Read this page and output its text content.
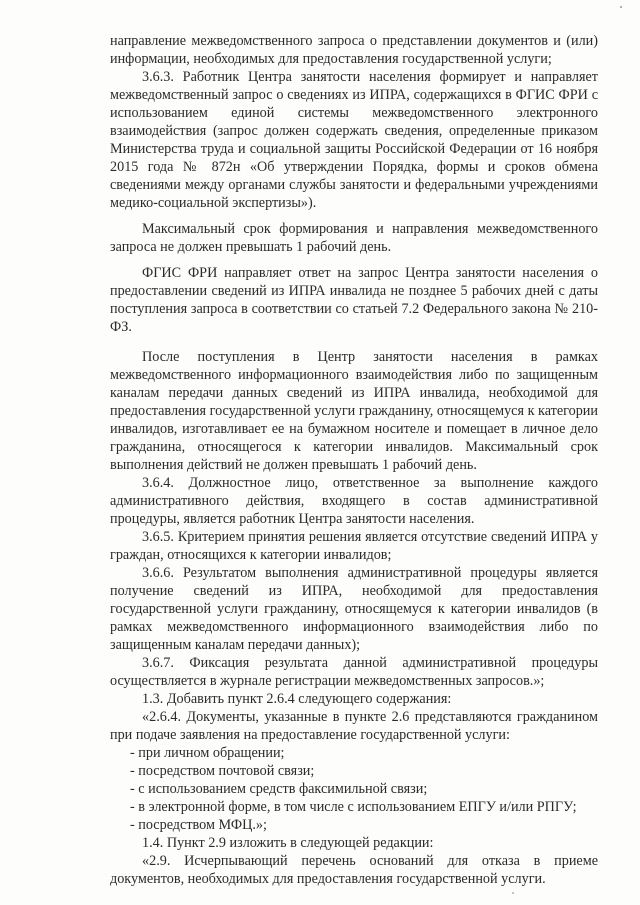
направление межведомственного запроса о представлении документов и (или) информации, необходимых для предоставления государственной услуги;

3.6.3. Работник Центра занятости населения формирует и направляет межведомственный запрос о сведениях из ИПРА, содержащихся в ФГИС ФРИ с использованием единой системы межведомственного электронного взаимодействия (запрос должен содержать сведения, определенные приказом Министерства труда и социальной защиты Российской Федерации от 16 ноября 2015 года № 872н «Об утверждении Порядка, формы и сроков обмена сведениями между органами службы занятости и федеральными учреждениями медико-социальной экспертизы»).

Максимальный срок формирования и направления межведомственного запроса не должен превышать 1 рабочий день.

ФГИС ФРИ направляет ответ на запрос Центра занятости населения о предоставлении сведений из ИПРА инвалида не позднее 5 рабочих дней с даты поступления запроса в соответствии со статьей 7.2 Федерального закона № 210-ФЗ.

После поступления в Центр занятости населения в рамках межведомственного информационного взаимодействия либо по защищенным каналам передачи данных сведений из ИПРА инвалида, необходимой для предоставления государственной услуги гражданину, относящемуся к категории инвалидов, изготавливает ее на бумажном носителе и помещает в личное дело гражданина, относящегося к категории инвалидов. Максимальный срок выполнения действий не должен превышать 1 рабочий день.

3.6.4. Должностное лицо, ответственное за выполнение каждого административного действия, входящего в состав административной процедуры, является работник Центра занятости населения.

3.6.5. Критерием принятия решения является отсутствие сведений ИПРА у граждан, относящихся к категории инвалидов;

3.6.6. Результатом выполнения административной процедуры является получение сведений из ИПРА, необходимой для предоставления государственной услуги гражданину, относящемуся к категории инвалидов (в рамках межведомственного информационного взаимодействия либо по защищенным каналам передачи данных);

3.6.7. Фиксация результата данной административной процедуры осуществляется в журнале регистрации межведомственных запросов.»;

1.3. Добавить пункт 2.6.4 следующего содержания:

«2.6.4. Документы, указанные в пункте 2.6 представляются гражданином при подаче заявления на предоставление государственной услуги:

- при личном обращении;

- посредством почтовой связи;

- с использованием средств факсимильной связи;

- в электронной форме, в том числе с использованием ЕПГУ и/или РПГУ;

- посредством МФЦ.»;

1.4. Пункт 2.9 изложить в следующей редакции:

«2.9. Исчерпывающий перечень оснований для отказа в приеме документов, необходимых для предоставления государственной услуги.
